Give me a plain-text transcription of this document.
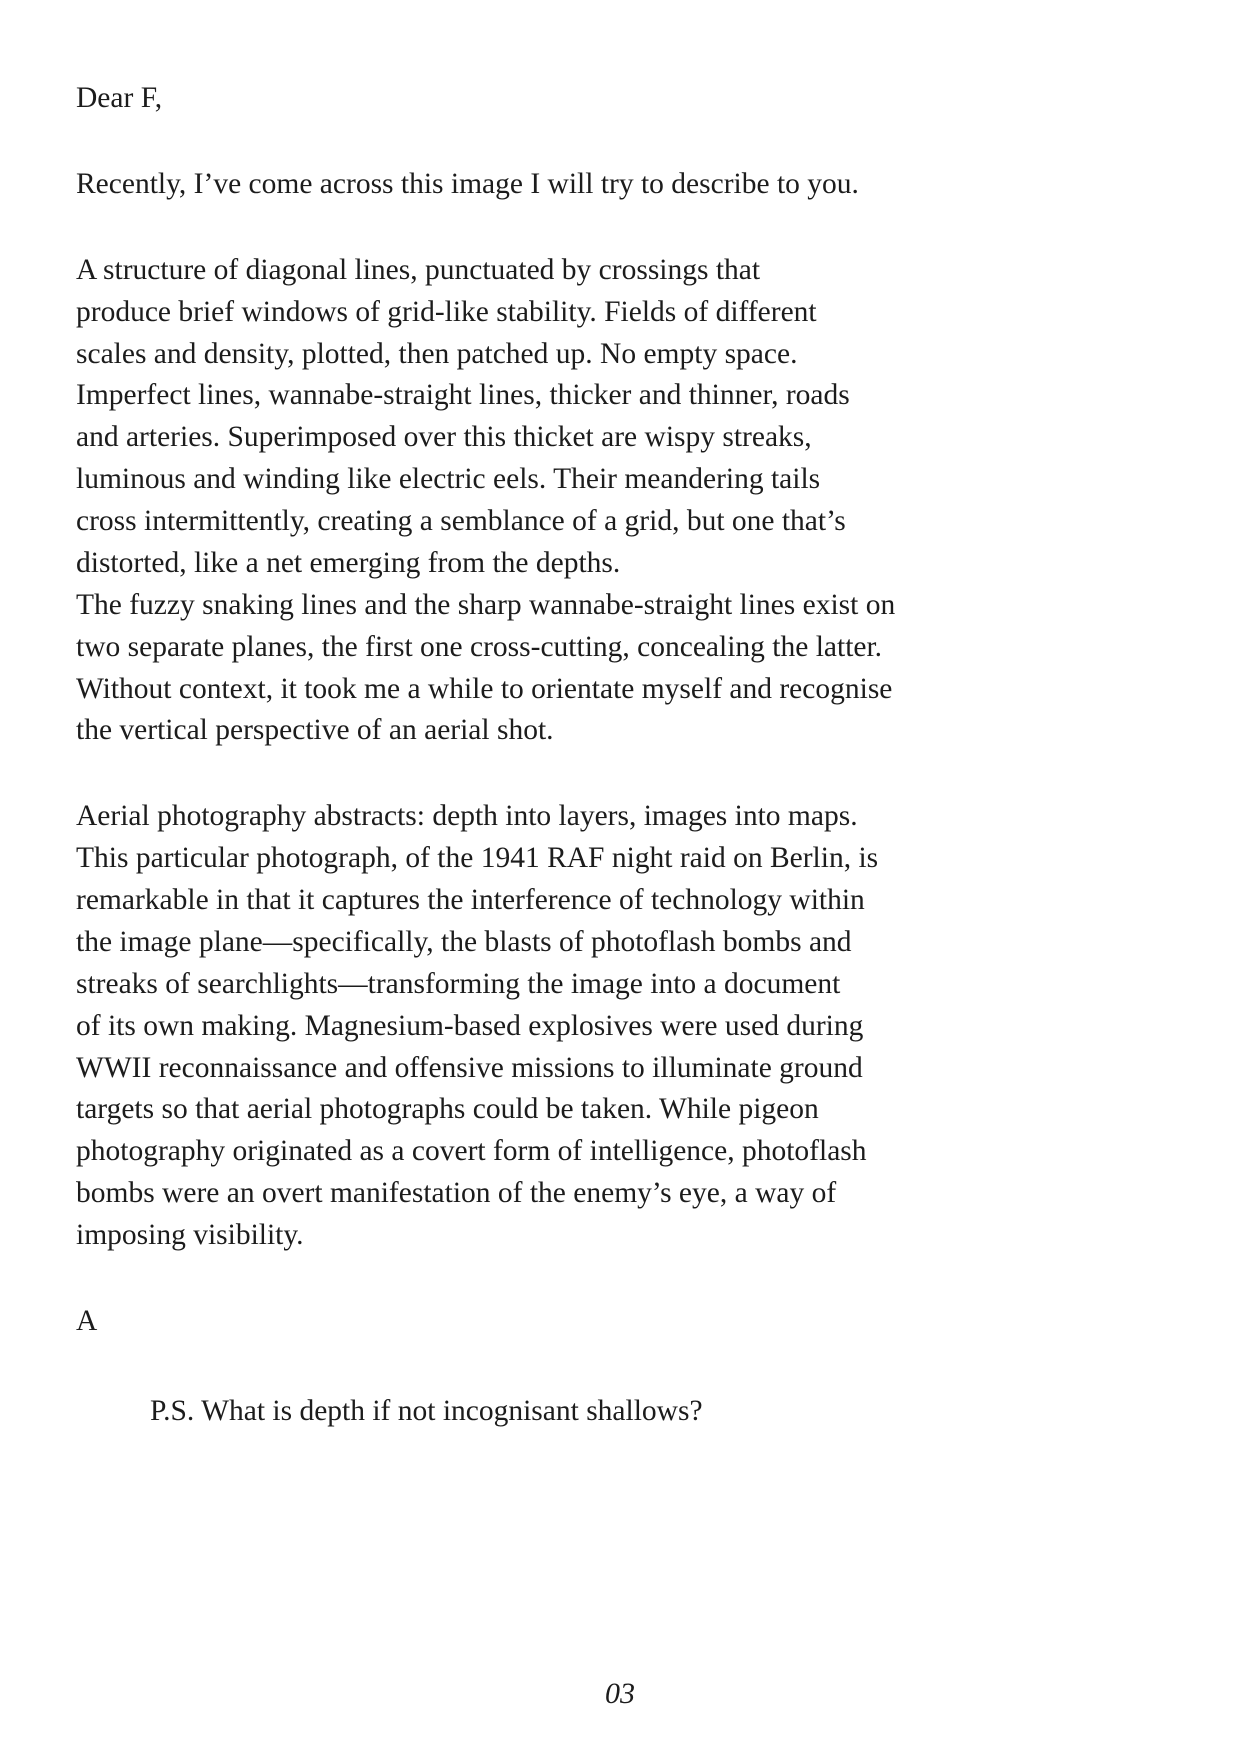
Dear F,

Recently, I’ve come across this image I will try to describe to you.

A structure of diagonal lines, punctuated by crossings that
produce brief windows of grid-like stability. Fields of different
scales and density, plotted, then patched up. No empty space.
Imperfect lines, wannabe-straight lines, thicker and thinner, roads
and arteries. Superimposed over this thicket are wispy streaks,
luminous and winding like electric eels. Their meandering tails
cross intermittently, creating a semblance of a grid, but one that’s
distorted, like a net emerging from the depths.
The fuzzy snaking lines and the sharp wannabe-straight lines exist on
two separate planes, the first one cross-cutting, concealing the latter.
Without context, it took me a while to orientate myself and recognise
the vertical perspective of an aerial shot.

Aerial photography abstracts: depth into layers, images into maps.
This particular photograph, of the 1941 RAF night raid on Berlin, is
remarkable in that it captures the interference of technology within
the image plane—specifically, the blasts of photoflash bombs and
streaks of searchlights—transforming the image into a document
of its own making. Magnesium-based explosives were used during
WWII reconnaissance and offensive missions to illuminate ground
targets so that aerial photographs could be taken. While pigeon
photography originated as a covert form of intelligence, photoflash
bombs were an overt manifestation of the enemy’s eye, a way of
imposing visibility.

A

P.S. What is depth if not incognisant shallows?

03
